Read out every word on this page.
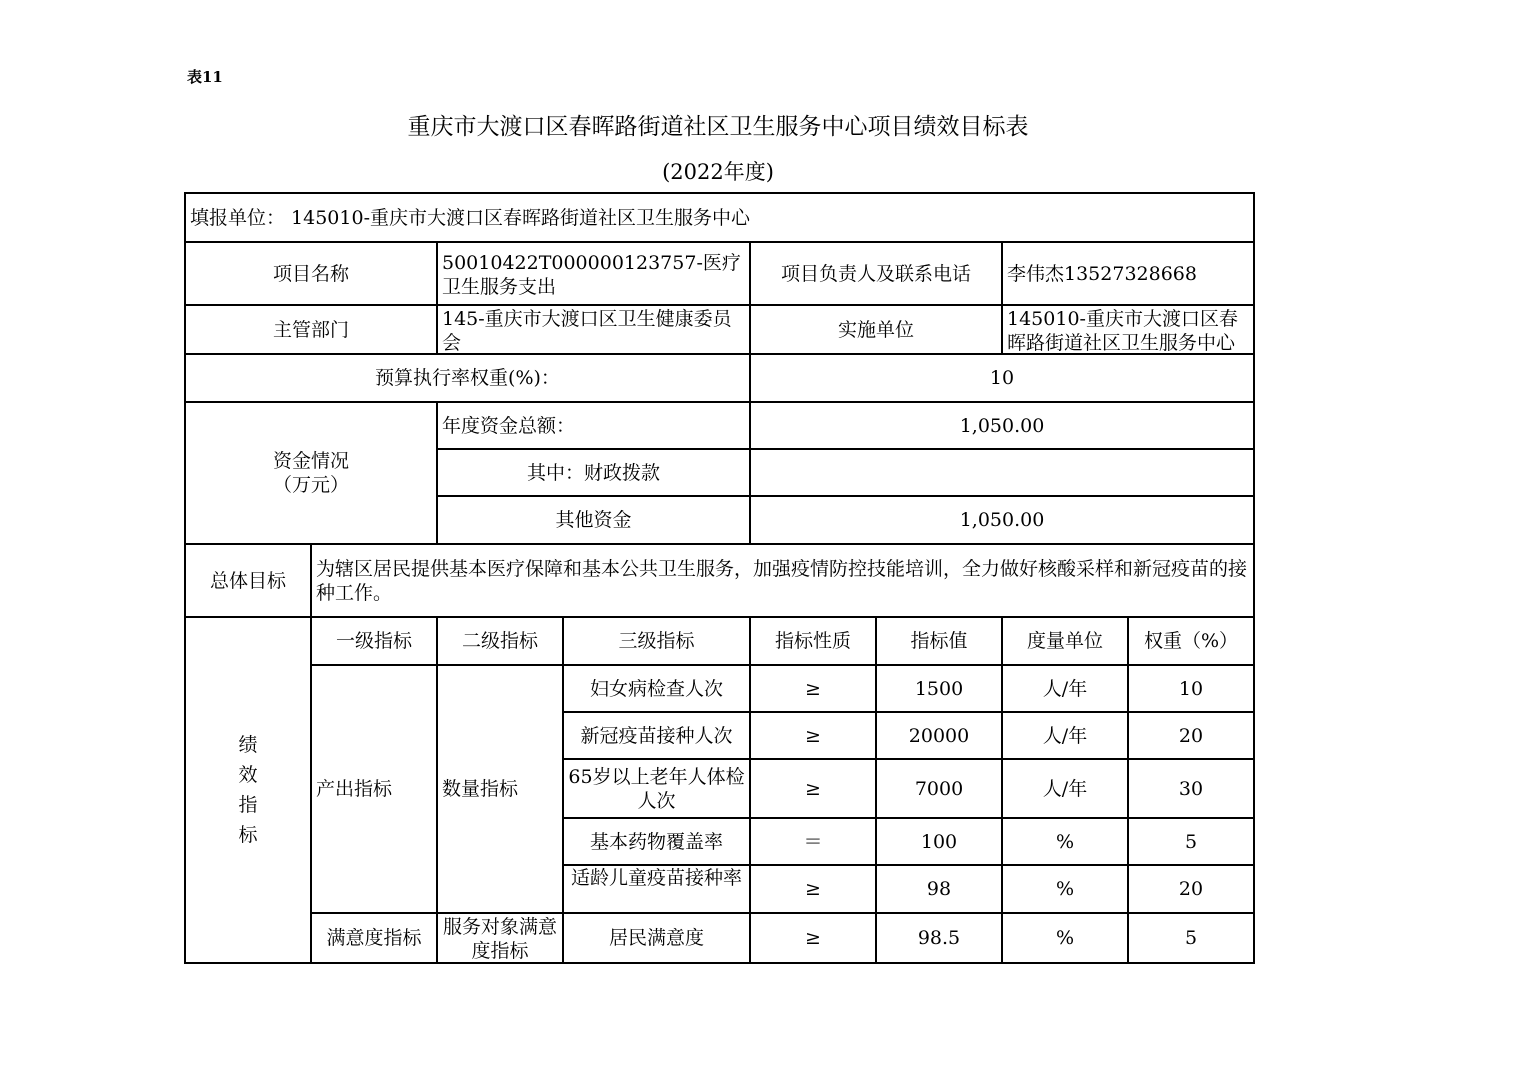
表11
重庆市大渡口区春晖路街道社区卫生服务中心项目绩效目标表
(2022年度)
填报单位： 145010-重庆市大渡口区春晖路街道社区卫生服务中心							
项目名称		50010422T000000123757-医疗卫生服务支出		项目负责人及联系电话		李伟杰13527328668	
主管部门		145-重庆市大渡口区卫生健康委员会		实施单位		145010-重庆市大渡口区春晖路街道社区卫生服务中心	

预算执行率权重(%)：				10			

资金情况
（万元）		年度资金总额：		1,050.00			
		其中：财政拨款					
		其他资金		1,050.00			
总体目标	为辖区居民提供基本医疗保障和基本公共卫生服务，加强疫情防控技能培训，全力做好核酸采样和新冠疫苗的接种工作。						
绩
效
指
标	一级指标	二级指标	三级指标	指标性质	指标值	度量单位	权重（%）
	产出指标	数量指标	妇女病检查人次	≥	1500	人/年	10
			新冠疫苗接种人次	≥	20000	人/年	20
			65岁以上老年人体检人次	≥	7000	人/年	30
			基本药物覆盖率	＝	100	%	5

			适龄儿童疫苗接种率	≥	98	%	20
	满意度指标	服务对象满意度指标	居民满意度	≥	98.5	%	5
